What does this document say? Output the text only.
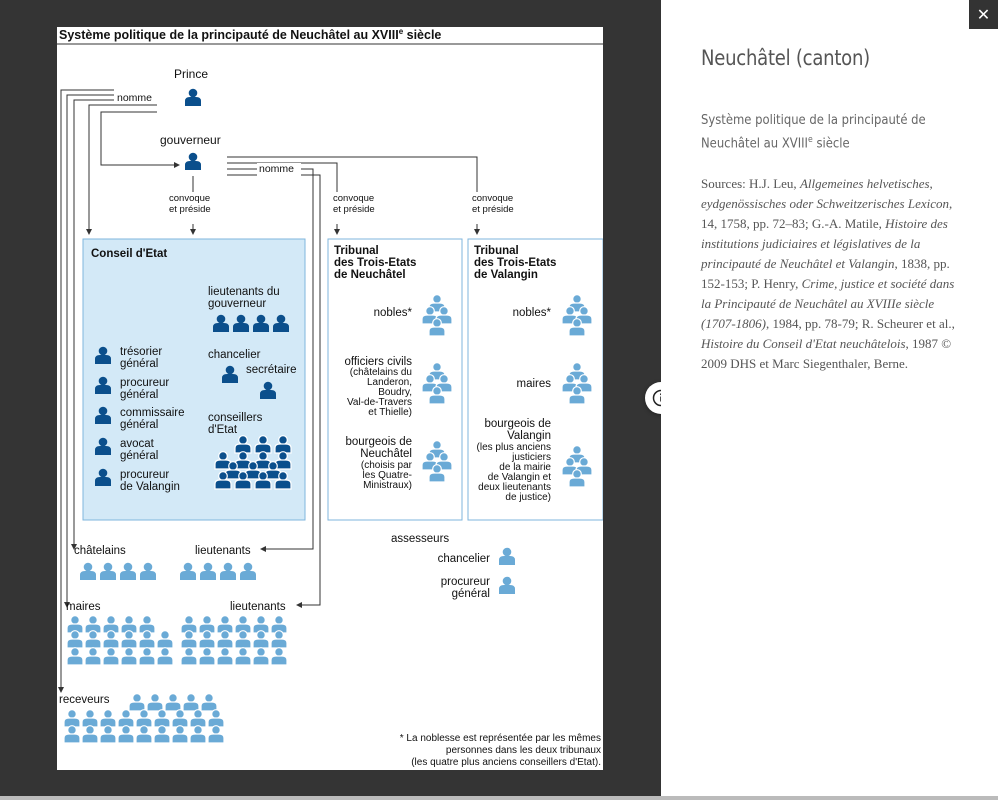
Système politique de la principauté de Neuchâtel au XVIIIe siècle
Prince
nomme
gouverneur
nomme
convoque
et préside
convoque
et préside
convoque
et préside
Conseil d'Etat
lieutenants du
gouverneur
trésorier
général
procureur
général
commissaire
général
avocat
général
procureur
de Valangin
chancelier
secrétaire
conseillers
d'Etat
Tribunal
des Trois-Etats
de Neuchâtel
nobles*
officiers civils
(châtelains du
Landeron,
Boudry,
Val-de-Travers
et Thielle)
bourgeois de
Neuchâtel
(choisis par
les Quatre-
Ministraux)
Tribunal
des Trois-Etats
de Valangin
nobles*
maires
bourgeois de
Valangin
(les plus anciens
justiciers
de la mairie
de Valangin et
deux lieutenants
de justice)
assesseurs
chancelier
procureur
général
châtelains	lieutenants
maires	lieutenants
receveurs
* La noblesse est représentée par les mêmes
personnes dans les deux tribunaux
(les quatre plus anciens conseillers d'Etat).
Neuchâtel (canton)
Système politique de la principauté de Neuchâtel au XVIIIe siècle
Sources: H.J. Leu, Allgemeines helvetisches, eydgenössisches oder Schweitzerisches Lexicon, 14, 1758, pp. 72–83; G.-A. Matile, Histoire des institutions judiciaires et législatives de la principauté de Neuchâtel et Valangin, 1838, pp. 152-153; P. Henry, Crime, justice et société dans la Principauté de Neuchâtel au XVIIIe siècle (1707-1806), 1984, pp. 78-79; R. Scheurer et al., Histoire du Conseil d'Etat neuchâtelois, 1987 © 2009 DHS et Marc Siegenthaler, Berne.
✕
